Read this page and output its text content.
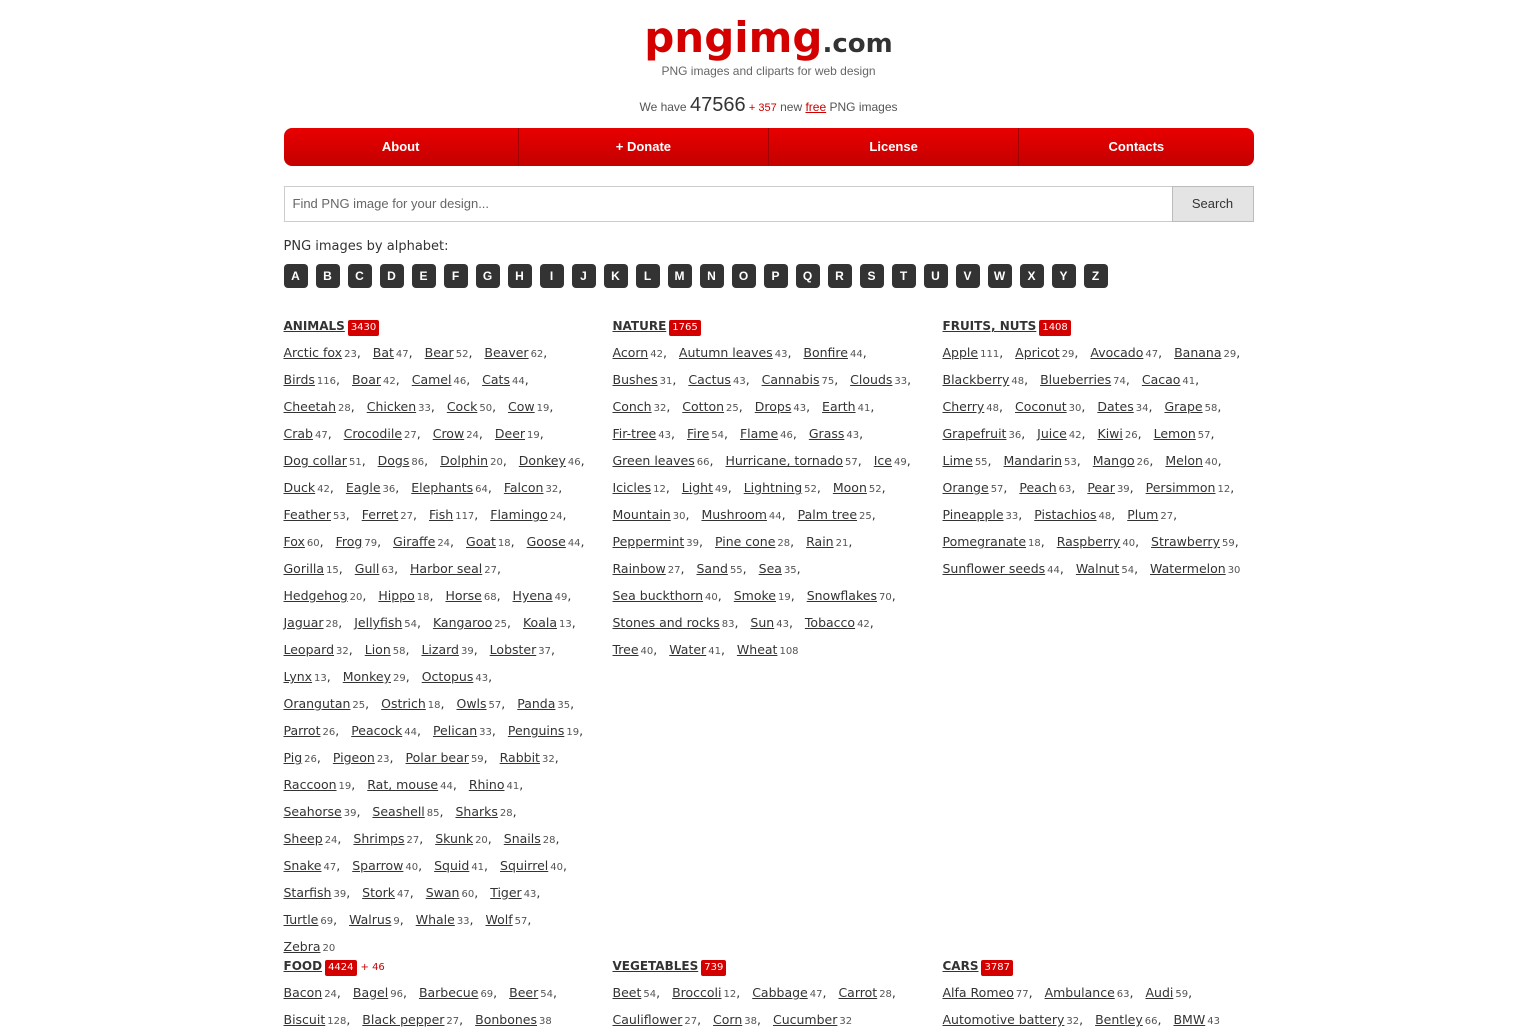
pngimg.com
PNG images and cliparts for web design
We have 47566 + 357 new free PNG images
About	+ Donate	License	Contacts
Find PNG image for your design...	Search
PNG images by alphabet:
A	B	C	D	E	F	G	H	I	J	K	L	M	N	O	P	Q	R	S	T	U	V	W	X	Y	Z
ANIMALS 3430
Arctic fox 23, Bat 47, Bear 52, Beaver 62, Birds 116, Boar 42, Camel 46, Cats 44, Cheetah 28, Chicken 33, Cock 50, Cow 19, Crab 47, Crocodile 27, Crow 24, Deer 19, Dog collar 51, Dogs 86, Dolphin 20, Donkey 46, Duck 42, Eagle 36, Elephants 64, Falcon 32, Feather 53, Ferret 27, Fish 117, Flamingo 24, Fox 60, Frog 79, Giraffe 24, Goat 18, Goose 44, Gorilla 15, Gull 63, Harbor seal 27, Hedgehog 20, Hippo 18, Horse 68, Hyena 49, Jaguar 28, Jellyfish 54, Kangaroo 25, Koala 13, Leopard 32, Lion 58, Lizard 39, Lobster 37, Lynx 13, Monkey 29, Octopus 43, Orangutan 25, Ostrich 18, Owls 57, Panda 35, Parrot 26, Peacock 44, Pelican 33, Penguins 19, Pig 26, Pigeon 23, Polar bear 59, Rabbit 32, Raccoon 19, Rat, mouse 44, Rhino 41, Seahorse 39, Seashell 85, Sharks 28, Sheep 24, Shrimps 27, Skunk 20, Snails 28, Snake 47, Sparrow 40, Squid 41, Squirrel 40, Starfish 39, Stork 47, Swan 60, Tiger 43, Turtle 69, Walrus 9, Whale 33, Wolf 57, Zebra 20
NATURE 1765
Acorn 42, Autumn leaves 43, Bonfire 44, Bushes 31, Cactus 43, Cannabis 75, Clouds 33, Conch 32, Cotton 25, Drops 43, Earth 41, Fir-tree 43, Fire 54, Flame 46, Grass 43, Green leaves 66, Hurricane, tornado 57, Ice 49, Icicles 12, Light 49, Lightning 52, Moon 52, Mountain 30, Mushroom 44, Palm tree 25, Peppermint 39, Pine cone 28, Rain 21, Rainbow 27, Sand 55, Sea 35, Sea buckthorn 40, Smoke 19, Snowflakes 70, Stones and rocks 83, Sun 43, Tobacco 42, Tree 40, Water 41, Wheat 108
FRUITS, NUTS 1408
Apple 111, Apricot 29, Avocado 47, Banana 29, Blackberry 48, Blueberries 74, Cacao 41, Cherry 48, Coconut 30, Dates 34, Grape 58, Grapefruit 36, Juice 42, Kiwi 26, Lemon 57, Lime 55, Mandarin 53, Mango 26, Melon 40, Orange 57, Peach 63, Pear 39, Persimmon 12, Pineapple 33, Pistachios 48, Plum 27, Pomegranate 18, Raspberry 40, Strawberry 59, Sunflower seeds 44, Walnut 54, Watermelon 30
FOOD 4424 + 46
Bacon 24, Bagel 96, Barbecue 69, Beer 54, Biscuit 128, Black pepper 27, Bonbones 38
VEGETABLES 739
Beet 54, Broccoli 12, Cabbage 47, Carrot 28, Cauliflower 27, Corn 38, Cucumber 32
CARS 3787
Alfa Romeo 77, Ambulance 63, Audi 59, Automotive battery 32, Bentley 66, BMW 43
